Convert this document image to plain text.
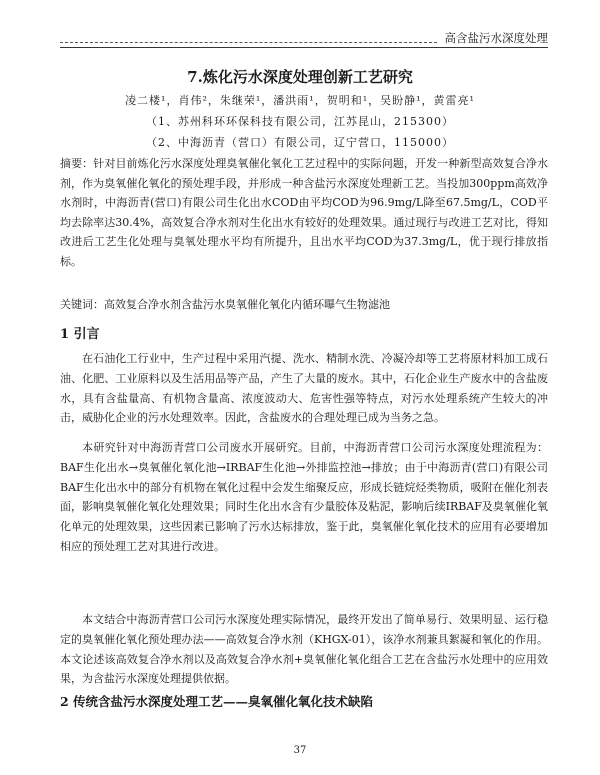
高含盐污水深度处理
7.炼化污水深度处理创新工艺研究
凌二楼¹，肖伟²，朱继荣¹，潘洪雨¹，贺明和¹，吴盼静¹，黄雷亮¹
（1、苏州科环环保科技有限公司，江苏昆山，215300）
（2、中海沥青（营口）有限公司，辽宁营口，115000）
摘要：针对目前炼化污水深度处理臭氧催化氧化工艺过程中的实际问题，开发一种新型高效复合净水剂，作为臭氧催化氧化的预处理手段，并形成一种含盐污水深度处理新工艺。当投加300ppm高效净水剂时，中海沥青(营口)有限公司生化出水COD由平均COD为96.9mg/L降至67.5mg/L，COD平均去除率达30.4%，高效复合净水剂对生化出水有较好的处理效果。通过现行与改进工艺对比，得知改进后工艺生化处理与臭氧处理水平均有所提升，且出水平均COD为37.3mg/L，优于现行排放指标。
关键词：高效复合净水剂含盐污水臭氧催化氧化内循环曝气生物滤池
1 引言

在石油化工行业中，生产过程中采用汽提、洗水、精制水洗、冷凝冷却等工艺将原材料加工成石油、化肥、工业原料以及生活用品等产品，产生了大量的废水。其中，石化企业生产废水中的含盐废水，具有含盐量高、有机物含量高、浓度波动大、危害性强等特点，对污水处理系统产生较大的冲击，威胁化企业的污水处理效率。因此，含盐废水的合理处理已成为当务之急。

本研究针对中海沥青营口公司废水开展研究。目前，中海沥青营口公司污水深度处理流程为：BAF生化出水→臭氧催化氧化池→IRBAF生化池→外排监控池→排放；由于中海沥青(营口)有限公司BAF生化出水中的部分有机物在氧化过程中会发生缩聚反应，形成长链烷烃类物质，吸附在催化剂表面，影响臭氧催化氧化处理效果；同时生化出水含有少量胶体及粘泥，影响后续IRBAF及臭氧催化氧化单元的处理效果，这些因素已影响了污水达标排放，鉴于此，臭氧催化氧化技术的应用有必要增加相应的预处理工艺对其进行改进。

本文结合中海沥青营口公司污水深度处理实际情况，最终开发出了简单易行、效果明显、运行稳定的臭氧催化氧化预处理办法——高效复合净水剂（KHGX-01），该净水剂兼具絮凝和氧化的作用。本文论述该高效复合净水剂以及高效复合净水剂+臭氧催化氧化组合工艺在含盐污水处理中的应用效果，为含盐污水深度处理提供依据。

2 传统含盐污水深度处理工艺——臭氧催化氧化技术缺陷
37
